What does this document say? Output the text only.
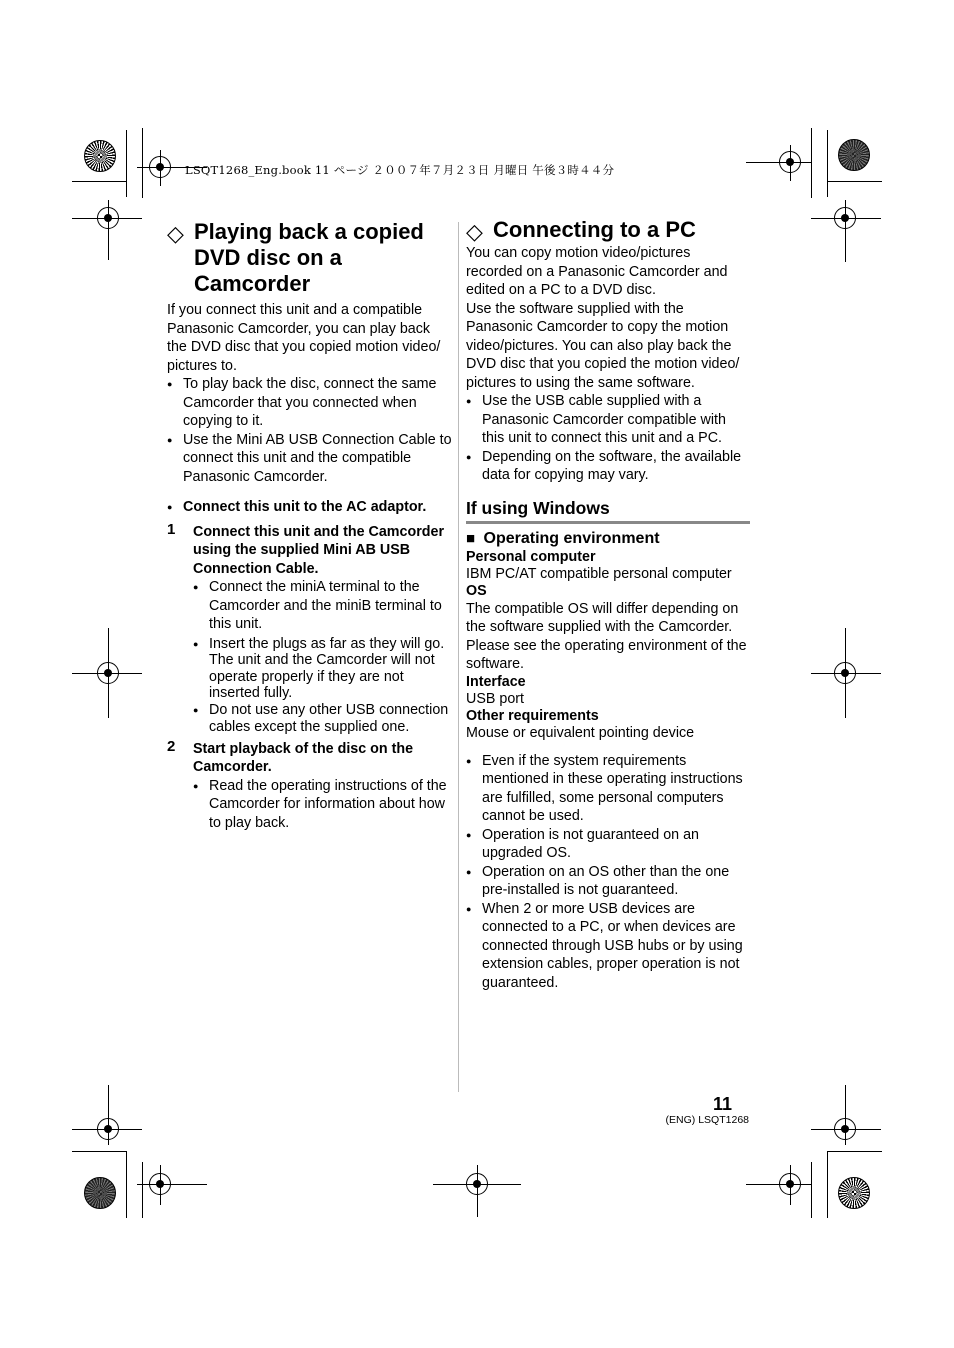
LSQT1268_Eng.book 11 ページ ２００７年７月２３日 月曜日 午後３時４４分
◇ Playing back a copied DVD disc on a Camcorder

If you connect this unit and a compatible Panasonic Camcorder, you can play back the DVD disc that you copied motion video/ pictures to.

● To play back the disc, connect the same Camcorder that you connected when copying to it.
● Use the Mini AB USB Connection Cable to connect this unit and the compatible Panasonic Camcorder.
● Connect this unit to the AC adaptor.
1 Connect this unit and the Camcorder using the supplied Mini AB USB Connection Cable.
● Connect the miniA terminal to the Camcorder and the miniB terminal to this unit.
● Insert the plugs as far as they will go. The unit and the Camcorder will not operate properly if they are not inserted fully.
● Do not use any other USB connection cables except the supplied one.
2 Start playback of the disc on the Camcorder.
● Read the operating instructions of the Camcorder for information about how to play back.
◇ Connecting to a PC

You can copy motion video/pictures recorded on a Panasonic Camcorder and edited on a PC to a DVD disc.

Use the software supplied with the Panasonic Camcorder to copy the motion video/pictures. You can also play back the DVD disc that you copied the motion video/ pictures to using the same software.

● Use the USB cable supplied with a Panasonic Camcorder compatible with this unit to connect this unit and a PC.
● Depending on the software, the available data for copying may vary.
If using Windows
■ Operating environment
Personal computer
IBM PC/AT compatible personal computer
OS
The compatible OS will differ depending on the software supplied with the Camcorder. Please see the operating environment of the software.
Interface
USB port
Other requirements
Mouse or equivalent pointing device
● Even if the system requirements mentioned in these operating instructions are fulfilled, some personal computers cannot be used.
● Operation is not guaranteed on an upgraded OS.
● Operation on an OS other than the one pre-installed is not guaranteed.
● When 2 or more USB devices are connected to a PC, or when devices are connected through USB hubs or by using extension cables, proper operation is not guaranteed.
11
(ENG) LSQT1268
